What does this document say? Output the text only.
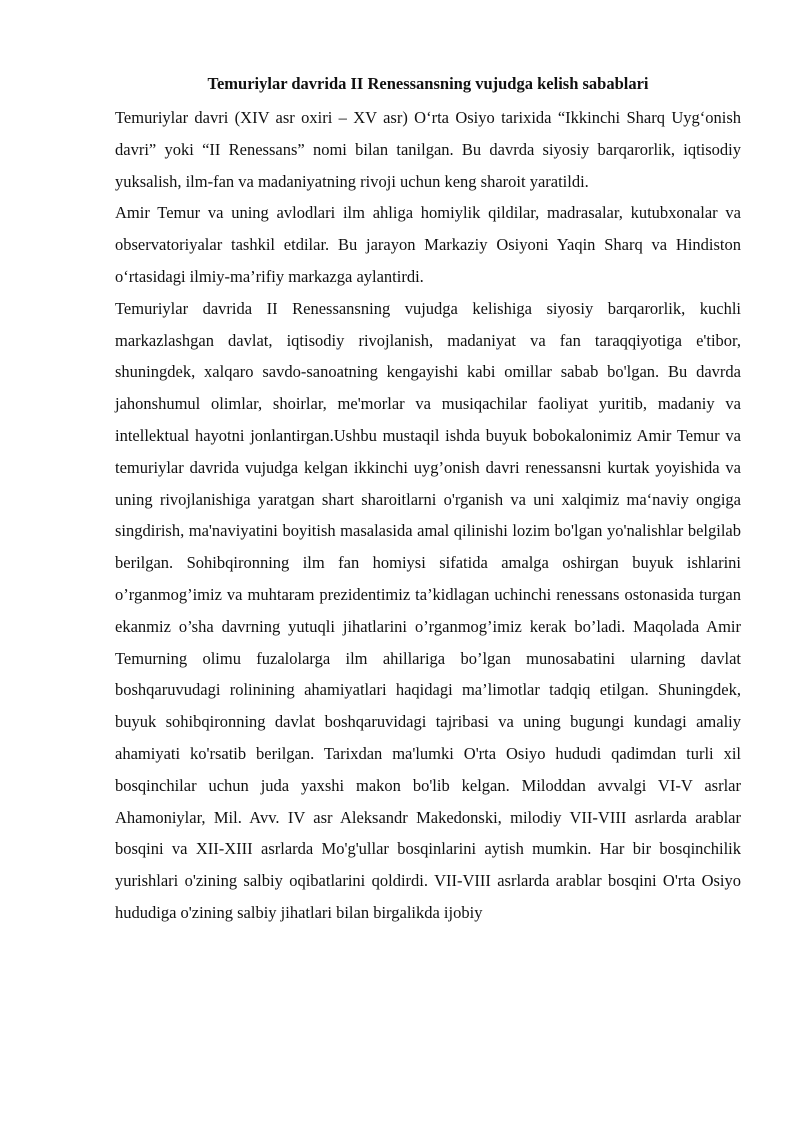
Temuriylar davrida II Renessansning vujudga kelish sabablari

Temuriylar davri (XIV asr oxiri – XV asr) O‘rta Osiyo tarixida “Ikkinchi Sharq Uyg‘onish davri” yoki “II Renessans” nomi bilan tanilgan. Bu davrda siyosiy barqarorlik, iqtisodiy yuksalish, ilm-fan va madaniyatning rivoji uchun keng sharoit yaratildi.

Amir Temur va uning avlodlari ilm ahliga homiylik qildilar, madrasalar, kutubxonalar va observatoriyalar tashkil etdilar. Bu jarayon Markaziy Osiyoni Yaqin Sharq va Hindiston o‘rtasidagi ilmiy-ma’rifiy markazga aylantirdi.

Temuriylar davrida II Renessansning vujudga kelishiga siyosiy barqarorlik, kuchli markazlashgan davlat, iqtisodiy rivojlanish, madaniyat va fan taraqqiyotiga e'tibor, shuningdek, xalqaro savdo-sanoatning kengayishi kabi omillar sabab bo'lgan. Bu davrda jahonshumul olimlar, shoirlar, me'morlar va musiqachilar faoliyat yuritib, madaniy va intellektual hayotni jonlantirgan.Ushbu mustaqil ishda buyuk bobokalonimiz Amir Temur va temuriylar davrida vujudga kelgan ikkinchi uyg’onish davri renessansni kurtak yoyishida va uning rivojlanishiga yaratgan shart sharoitlarni o'rganish va uni xalqimiz ma‘naviy ongiga singdirish, ma'naviyatini boyitish masalasida amal qilinishi lozim bo'lgan yo'nalishlar belgilab berilgan. Sohibqironning ilm fan homiysi sifatida amalga oshirgan buyuk ishlarini o’rganmog’imiz va muhtaram prezidentimiz ta’kidlagan uchinchi renessans ostonasida turgan ekanmiz o’sha davrning yutuqli jihatlarini o’rganmog’imiz kerak bo’ladi. Maqolada Amir Temurning olimu fuzalolarga ilm ahillariga bo’lgan munosabatini ularning davlat boshqaruvudagi rolinining ahamiyatlari haqidagi ma’limotlar tadqiq etilgan. Shuningdek, buyuk sohibqironning davlat boshqaruvidagi tajribasi va uning bugungi kundagi amaliy ahamiyati ko'rsatib berilgan. Tarixdan ma'lumki O'rta Osiyo hududi qadimdan turli xil bosqinchilar uchun juda yaxshi makon bo'lib kelgan. Miloddan avvalgi VI-V asrlar Ahamoniylar, Mil. Avv. IV asr Aleksandr Makedonski, milodiy VII-VIII asrlarda arablar bosqini va XII-XIII asrlarda Mo'g'ullar bosqinlarini aytish mumkin. Har bir bosqinchilik yurishlari o'zining salbiy oqibatlarini qoldirdi. VII-VIII asrlarda arablar bosqini O'rta Osiyo hududiga o'zining salbiy jihatlari bilan birgalikda ijobiy
